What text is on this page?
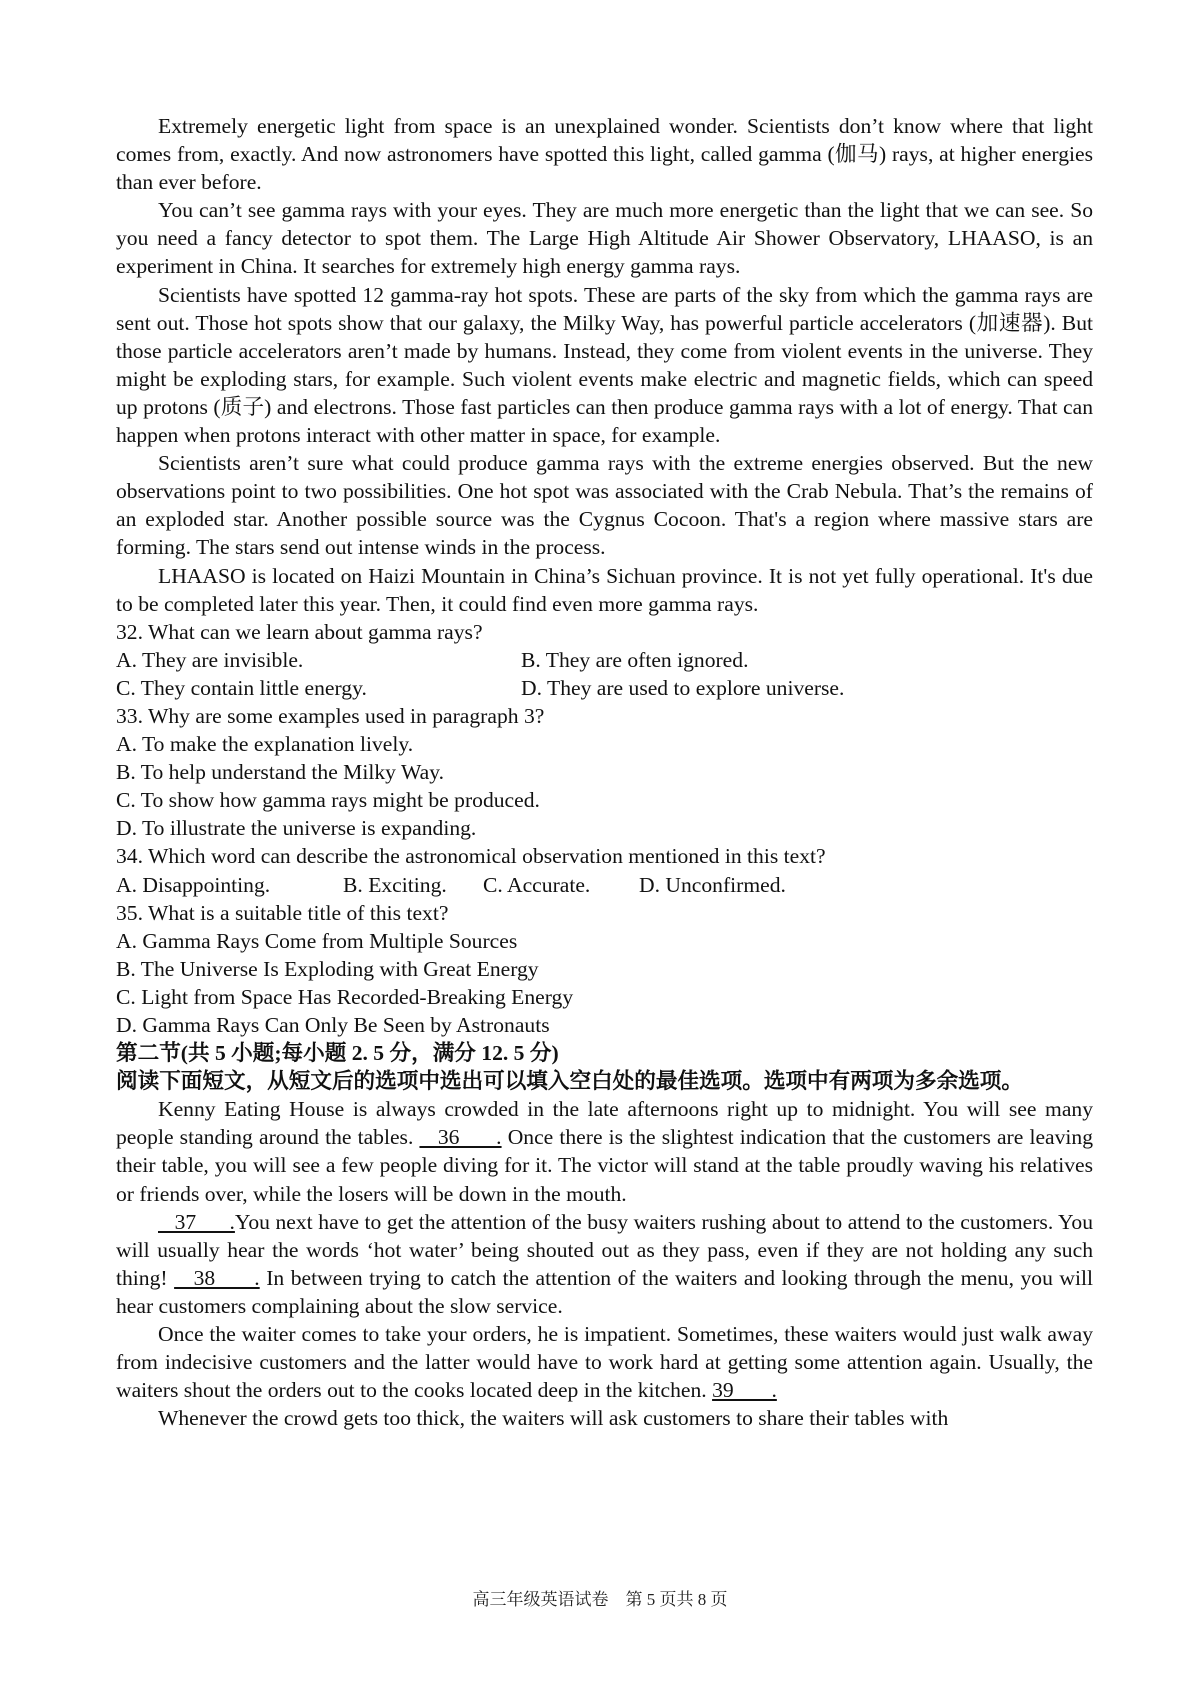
Extremely energetic light from space is an unexplained wonder. Scientists don’t know where that light comes from, exactly. And now astronomers have spotted this light, called gamma (伽马) rays, at higher energies than ever before.

You can’t see gamma rays with your eyes. They are much more energetic than the light that we can see. So you need a fancy detector to spot them. The Large High Altitude Air Shower Observatory, LHAASO, is an experiment in China. It searches for extremely high energy gamma rays.

Scientists have spotted 12 gamma-ray hot spots. These are parts of the sky from which the gamma rays are sent out. Those hot spots show that our galaxy, the Milky Way, has powerful particle accelerators (加速器). But those particle accelerators aren’t made by humans. Instead, they come from violent events in the universe. They might be exploding stars, for example. Such violent events make electric and magnetic fields, which can speed up protons (质子) and electrons. Those fast particles can then produce gamma rays with a lot of energy. That can happen when protons interact with other matter in space, for example.

Scientists aren’t sure what could produce gamma rays with the extreme energies observed. But the new observations point to two possibilities. One hot spot was associated with the Crab Nebula. That’s the remains of an exploded star. Another possible source was the Cygnus Cocoon. That's a region where massive stars are forming. The stars send out intense winds in the process.

LHAASO is located on Haizi Mountain in China’s Sichuan province. It is not yet fully operational. It's due to be completed later this year. Then, it could find even more gamma rays.

32. What can we learn about gamma rays?

A. They are invisible.	B. They are often ignored.
C. They contain little energy.	D. They are used to explore universe.

33. Why are some examples used in paragraph 3?

A. To make the explanation lively.

B. To help understand the Milky Way.

C. To show how gamma rays might be produced.

D. To illustrate the universe is expanding.

34. Which word can describe the astronomical observation mentioned in this text?

A. Disappointing.	B. Exciting. C. Accurate. D. Unconfirmed.

35. What is a suitable title of this text?

A. Gamma Rays Come from Multiple Sources

B. The Universe Is Exploding with Great Energy

C. Light from Space Has Recorded-Breaking Energy

D. Gamma Rays Can Only Be Seen by Astronauts

第二节(共 5 小题;每小题 2. 5 分，满分 12. 5 分)

阅读下面短文，从短文后的选项中选出可以填入空白处的最佳选项。选项中有两项为多余选项。

Kenny Eating House is always crowded in the late afternoons right up to midnight. You will see many people standing around the tables.    36      . Once there is the slightest indication that the customers are leaving their table, you will see a few people diving for it. The victor will stand at the table proudly waving his relatives or friends over, while the losers will be down in the mouth.

37      .You next have to get the attention of the busy waiters rushing about to attend to the customers. You will usually hear the words ‘hot water’ being shouted out as they pass, even if they are not holding any such thing!    38      . In between trying to catch the attention of the waiters and looking through the menu, you will hear customers complaining about the slow service.

Once the waiter comes to take your orders, he is impatient. Sometimes, these waiters would just walk away from indecisive customers and the latter would have to work hard at getting some attention again. Usually, the waiters shout the orders out to the cooks located deep in the kitchen. 39       .

Whenever the crowd gets too thick, the waiters will ask customers to share their tables with

高三年级英语试卷　第 5 页共 8 页
